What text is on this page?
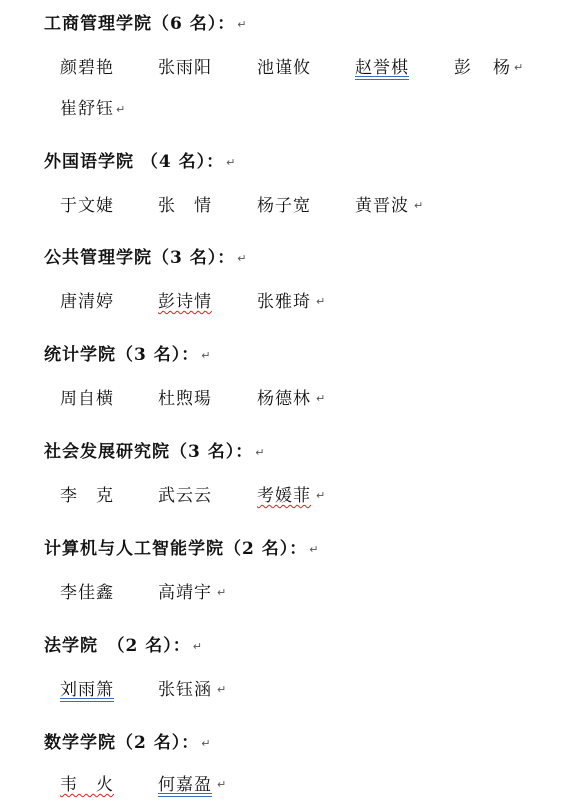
工商管理学院（6 名）： ↵
颜碧艳	张雨阳	池谨攸	赵誉棋	彭 杨 ↵
崔舒钰 ↵
外国语学院 （4 名）： ↵
于文婕	张　情	杨子宽	黄晋波 ↵
公共管理学院（3 名）： ↵
唐清婷	彭诗情	张雅琦 ↵
统计学院（3 名）： ↵
周自横	杜煦瑒	杨德林 ↵
社会发展研究院（3 名）： ↵
李　克	武云云	考媛菲 ↵
计算机与人工智能学院（2 名）： ↵
李佳鑫	高靖宇 ↵
法学院　（2 名）： ↵
刘雨箫	张钰涵 ↵
数学学院（2 名）： ↵
韦　火	何嘉盈 ↵
